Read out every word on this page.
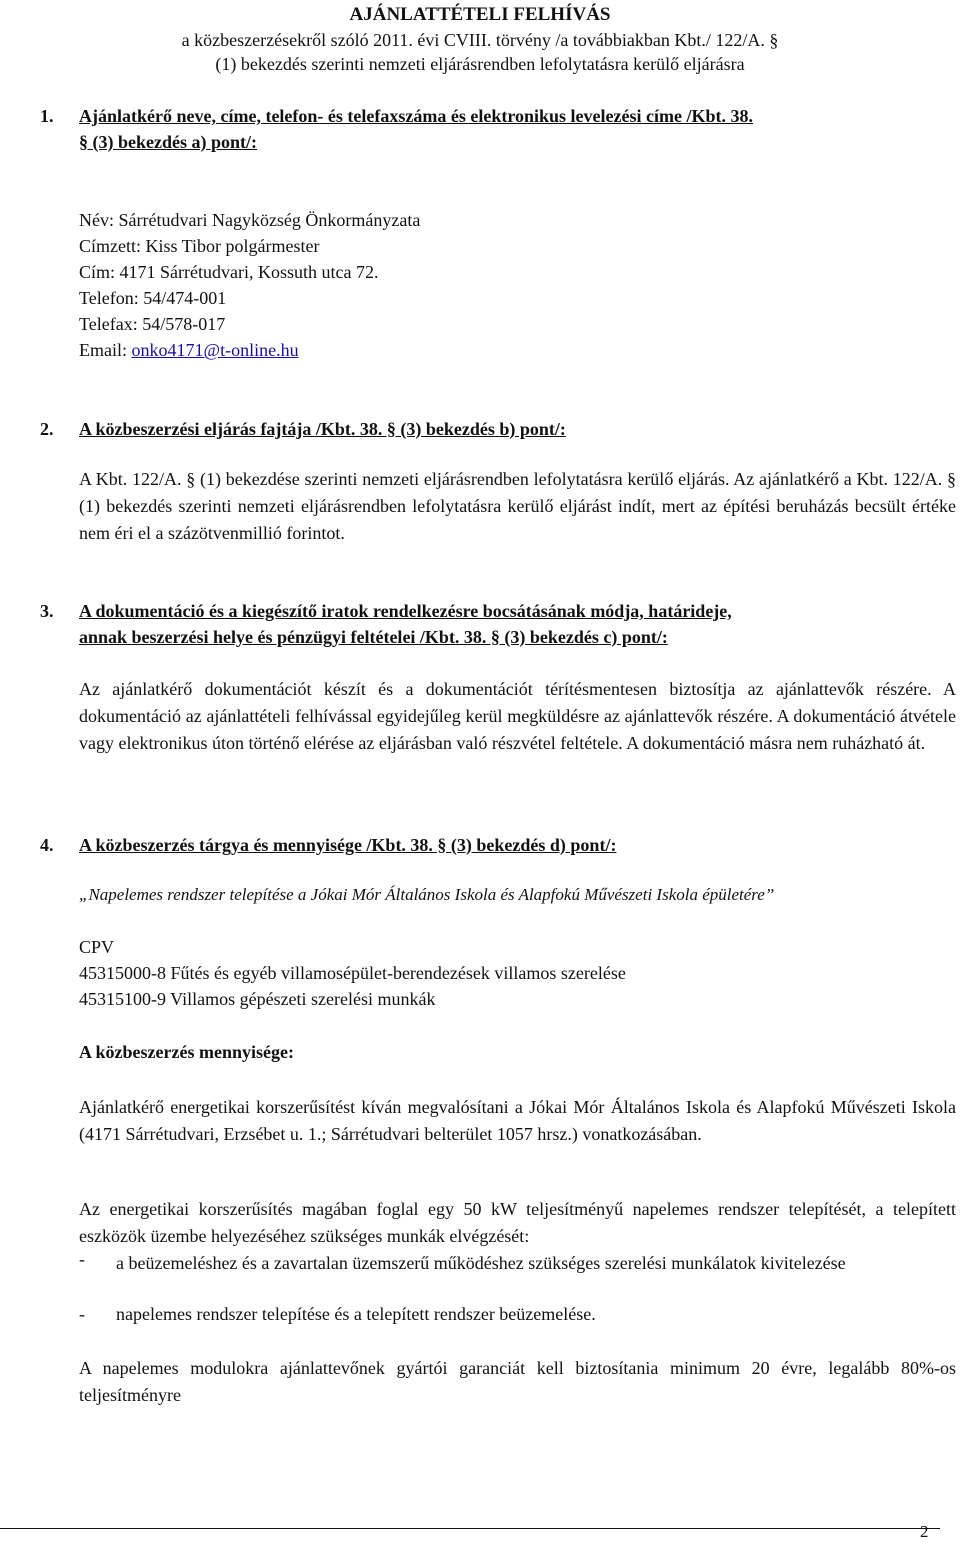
AJÁNLATTÉTELI FELHÍVÁS
a közbeszerzésekről szóló 2011. évi CVIII. törvény /a továbbiakban Kbt./ 122/A. §
(1) bekezdés szerinti nemzeti eljárásrendben lefolytatásra kerülő eljárásra
1. Ajánlatkérő neve, címe, telefon- és telefaxszáma és elektronikus levelezési címe /Kbt. 38.
§ (3) bekezdés a) pont/:
Név: Sárrétudvari Nagyközség Önkormányzata
Címzett: Kiss Tibor polgármester
Cím: 4171 Sárrétudvari, Kossuth utca 72.
Telefon: 54/474-001
Telefax: 54/578-017
Email: onko4171@t-online.hu
2. A közbeszerzési eljárás fajtája /Kbt. 38. § (3) bekezdés b) pont/:
A Kbt. 122/A. § (1) bekezdése szerinti nemzeti eljárásrendben lefolytatásra kerülő eljárás. Az ajánlatkérő a Kbt. 122/A. § (1) bekezdés szerinti nemzeti eljárásrendben lefolytatásra kerülő eljárást indít, mert az építési beruházás becsült értéke nem éri el a százötvenmillió forintot.
3. A dokumentáció és a kiegészítő iratok rendelkezésre bocsátásának módja, határideje,
annak beszerzési helye és pénzügyi feltételei /Kbt. 38. § (3) bekezdés c) pont/:
Az ajánlatkérő dokumentációt készít és a dokumentációt térítésmentesen biztosítja az ajánlattevők részére. A dokumentáció az ajánlattételi felhívással egyidejűleg kerül megküldésre az ajánlattevők részére. A dokumentáció átvétele vagy elektronikus úton történő elérése az eljárásban való részvétel feltétele. A dokumentáció másra nem ruházható át.
4. A közbeszerzés tárgya és mennyisége /Kbt. 38. § (3) bekezdés d) pont/:
„Napelemes rendszer telepítése a Jókai Mór Általános Iskola és Alapfokú Művészeti Iskola épületére”
CPV
45315000-8 Fűtés és egyéb villamosépület-berendezések villamos szerelése
45315100-9 Villamos gépészeti szerelési munkák
A közbeszerzés mennyisége:
Ajánlatkérő energetikai korszerűsítést kíván megvalósítani a Jókai Mór Általános Iskola és Alapfokú Művészeti Iskola (4171 Sárrétudvari, Erzsébet u. 1.; Sárrétudvari belterület 1057 hrsz.) vonatkozásában.
Az energetikai korszerűsítés magában foglal egy 50 kW teljesítményű napelemes rendszer telepítését, a telepített eszközök üzembe helyezéséhez szükséges munkák elvégzését:
- a beüzemeléshez és a zavartalan üzemszerű működéshez szükséges szerelési munkálatok kivitelezése
- napelemes rendszer telepítése és a telepített rendszer beüzemelése.
A napelemes modulokra ajánlattevőnek gyártói garanciát kell biztosítania minimum 20 évre, legalább 80%-os teljesítményre
2
